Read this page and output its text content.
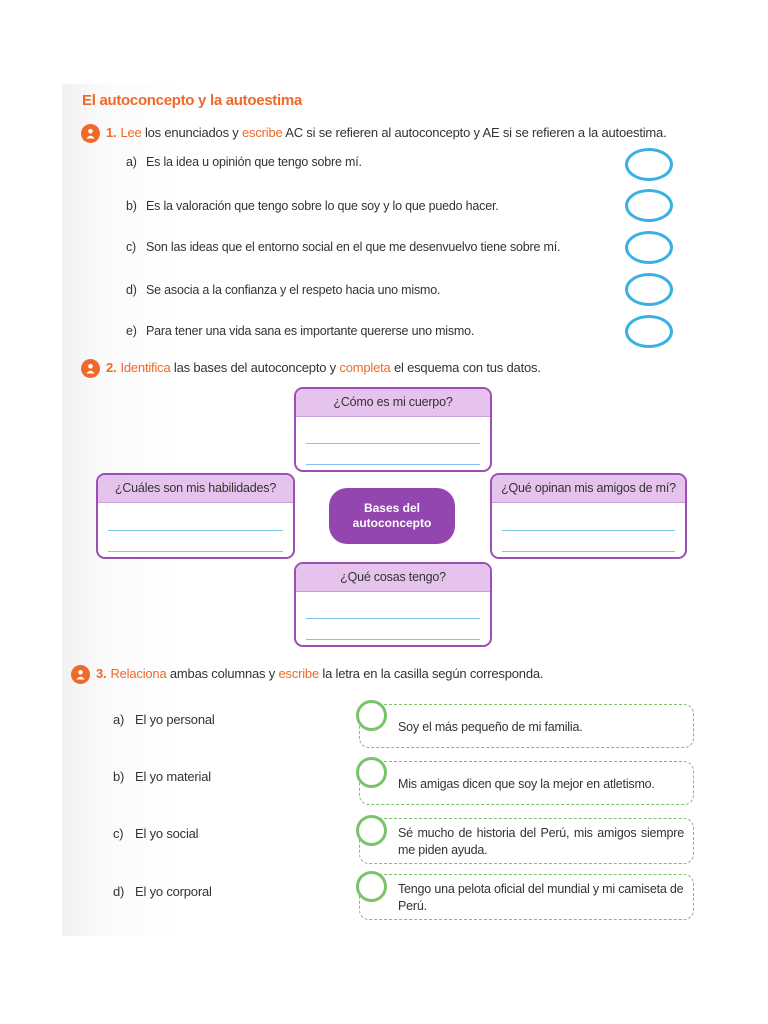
El autoconcepto y la autoestima
1. Lee los enunciados y escribe AC si se refieren al autoconcepto y AE si se refieren a la autoestima.
a) Es la idea u opinión que tengo sobre mí.
b) Es la valoración que tengo sobre lo que soy y lo que puedo hacer.
c) Son las ideas que el entorno social en el que me desenvuelvo tiene sobre mí.
d) Se asocia a la confianza y el respeto hacia uno mismo.
e) Para tener una vida sana es importante quererse uno mismo.
2. Identifica las bases del autoconcepto y completa el esquema con tus datos.
¿Cómo es mi cuerpo?
¿Cuáles son mis habilidades?
Bases del
autoconcepto
¿Qué opinan mis amigos de mí?
¿Qué cosas tengo?
3. Relaciona ambas columnas y escribe la letra en la casilla según corresponda.
a) El yo personal
b) El yo material
c) El yo social
d) El yo corporal
Soy el más pequeño de mi familia.
Mis amigas dicen que soy la mejor en atletismo.
Sé mucho de historia del Perú, mis amigos siempre me piden ayuda.
Tengo una pelota oficial del mundial y mi camiseta de Perú.
